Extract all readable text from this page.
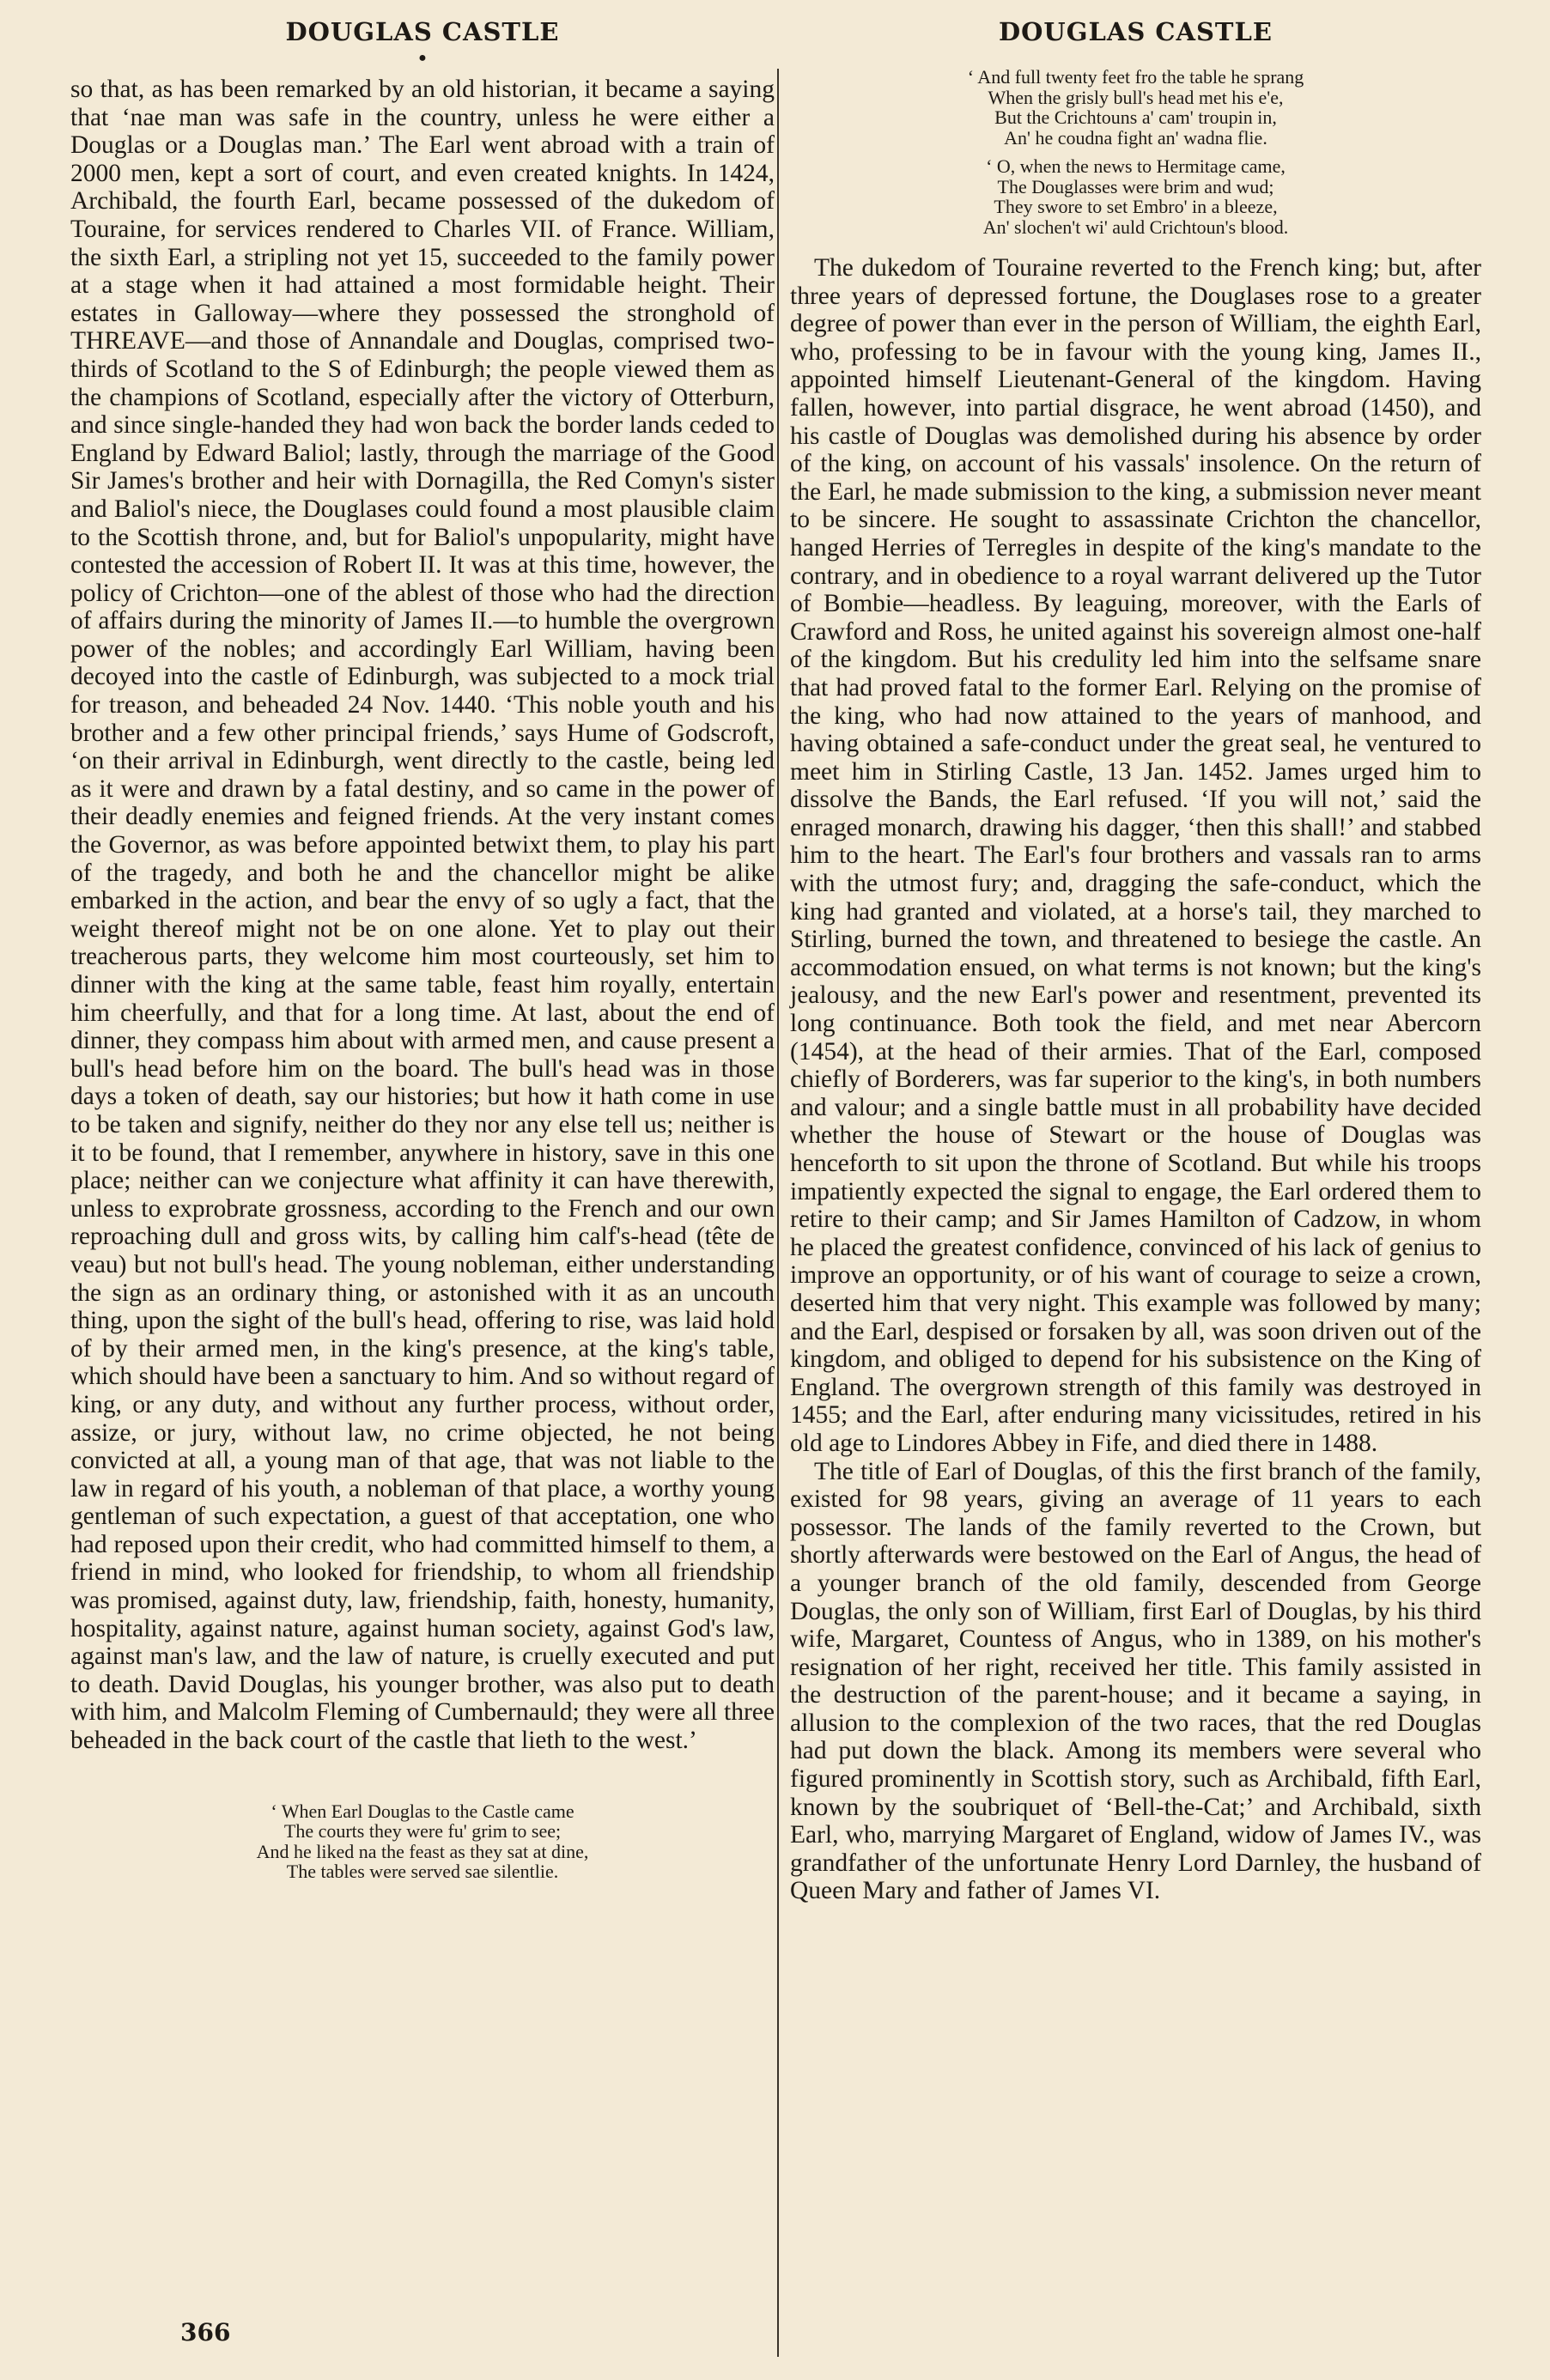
DOUGLAS CASTLE
●
DOUGLAS CASTLE

so that, as has been remarked by an old historian, it became a saying that ‘nae man was safe in the country, unless he were either a Douglas or a Douglas man.’ The Earl went abroad with a train of 2000 men, kept a sort of court, and even created knights. In 1424, Archibald, the fourth Earl, became possessed of the dukedom of Touraine, for services rendered to Charles VII. of France. William, the sixth Earl, a stripling not yet 15, succeeded to the family power at a stage when it had attained a most formidable height. Their estates in Galloway—where they possessed the stronghold of THREAVE—and those of Annandale and Douglas, comprised two-thirds of Scotland to the S of Edinburgh; the people viewed them as the champions of Scotland, especially after the victory of Otterburn, and since single-handed they had won back the border lands ceded to England by Edward Baliol; lastly, through the marriage of the Good Sir James's brother and heir with Dornagilla, the Red Comyn's sister and Baliol's niece, the Douglases could found a most plausible claim to the Scottish throne, and, but for Baliol's unpopularity, might have contested the accession of Robert II. It was at this time, however, the policy of Crichton—one of the ablest of those who had the direction of affairs during the minority of James II.—to humble the overgrown power of the nobles; and accordingly Earl William, having been decoyed into the castle of Edinburgh, was subjected to a mock trial for treason, and beheaded 24 Nov. 1440. ‘This noble youth and his brother and a few other principal friends,’ says Hume of Godscroft, ‘on their arrival in Edinburgh, went directly to the castle, being led as it were and drawn by a fatal destiny, and so came in the power of their deadly enemies and feigned friends. At the very instant comes the Governor, as was before appointed betwixt them, to play his part of the tragedy, and both he and the chancellor might be alike embarked in the action, and bear the envy of so ugly a fact, that the weight thereof might not be on one alone. Yet to play out their treacherous parts, they welcome him most courteously, set him to dinner with the king at the same table, feast him royally, entertain him cheerfully, and that for a long time. At last, about the end of dinner, they compass him about with armed men, and cause present a bull's head before him on the board. The bull's head was in those days a token of death, say our histories; but how it hath come in use to be taken and signify, neither do they nor any else tell us; neither is it to be found, that I remember, anywhere in history, save in this one place; neither can we conjecture what affinity it can have therewith, unless to exprobrate grossness, according to the French and our own reproaching dull and gross wits, by calling him calf's-head (tête de veau) but not bull's head. The young nobleman, either understanding the sign as an ordinary thing, or astonished with it as an uncouth thing, upon the sight of the bull's head, offering to rise, was laid hold of by their armed men, in the king's presence, at the king's table, which should have been a sanctuary to him. And so without regard of king, or any duty, and without any further process, without order, assize, or jury, without law, no crime objected, he not being convicted at all, a young man of that age, that was not liable to the law in regard of his youth, a nobleman of that place, a worthy young gentleman of such expectation, a guest of that acceptation, one who had reposed upon their credit, who had committed himself to them, a friend in mind, who looked for friendship, to whom all friendship was promised, against duty, law, friendship, faith, honesty, humanity, hospitality, against nature, against human society, against God's law, against man's law, and the law of nature, is cruelly executed and put to death. David Douglas, his younger brother, was also put to death with him, and Malcolm Fleming of Cumbernauld; they were all three beheaded in the back court of the castle that lieth to the west.’

‘ When Earl Douglas to the Castle came
The courts they were fu' grim to see;
And he liked na the feast as they sat at dine,
The tables were served sae silentlie.
366
‘ And full twenty feet fro the table he sprang
When the grisly bull's head met his e'e,
But the Crichtouns a' cam' troupin in,
An' he coudna fight an' wadna flie.
‘ O, when the news to Hermitage came,
The Douglasses were brim and wud;
They swore to set Embro' in a bleeze,
An' slochen't wi' auld Crichtoun's blood.

The dukedom of Touraine reverted to the French king; but, after three years of depressed fortune, the Douglases rose to a greater degree of power than ever in the person of William, the eighth Earl, who, professing to be in favour with the young king, James II., appointed himself Lieutenant-General of the kingdom. Having fallen, however, into partial disgrace, he went abroad (1450), and his castle of Douglas was demolished during his absence by order of the king, on account of his vassals' insolence. On the return of the Earl, he made submission to the king, a submission never meant to be sincere. He sought to assassinate Crichton the chancellor, hanged Herries of Terregles in despite of the king's mandate to the contrary, and in obedience to a royal warrant delivered up the Tutor of Bombie—headless. By leaguing, moreover, with the Earls of Crawford and Ross, he united against his sovereign almost one-half of the kingdom. But his credulity led him into the selfsame snare that had proved fatal to the former Earl. Relying on the promise of the king, who had now attained to the years of manhood, and having obtained a safe-conduct under the great seal, he ventured to meet him in Stirling Castle, 13 Jan. 1452. James urged him to dissolve the Bands, the Earl refused. ‘If you will not,’ said the enraged monarch, drawing his dagger, ‘then this shall!’ and stabbed him to the heart. The Earl's four brothers and vassals ran to arms with the utmost fury; and, dragging the safe-conduct, which the king had granted and violated, at a horse's tail, they marched to Stirling, burned the town, and threatened to besiege the castle. An accommodation ensued, on what terms is not known; but the king's jealousy, and the new Earl's power and resentment, prevented its long continuance. Both took the field, and met near Abercorn (1454), at the head of their armies. That of the Earl, composed chiefly of Borderers, was far superior to the king's, in both numbers and valour; and a single battle must in all probability have decided whether the house of Stewart or the house of Douglas was henceforth to sit upon the throne of Scotland. But while his troops impatiently expected the signal to engage, the Earl ordered them to retire to their camp; and Sir James Hamilton of Cadzow, in whom he placed the greatest confidence, convinced of his lack of genius to improve an opportunity, or of his want of courage to seize a crown, deserted him that very night. This example was followed by many; and the Earl, despised or forsaken by all, was soon driven out of the kingdom, and obliged to depend for his subsistence on the King of England. The overgrown strength of this family was destroyed in 1455; and the Earl, after enduring many vicissitudes, retired in his old age to Lindores Abbey in Fife, and died there in 1488.

The title of Earl of Douglas, of this the first branch of the family, existed for 98 years, giving an average of 11 years to each possessor. The lands of the family reverted to the Crown, but shortly afterwards were bestowed on the Earl of Angus, the head of a younger branch of the old family, descended from George Douglas, the only son of William, first Earl of Douglas, by his third wife, Margaret, Countess of Angus, who in 1389, on his mother's resignation of her right, received her title. This family assisted in the destruction of the parent-house; and it became a saying, in allusion to the complexion of the two races, that the red Douglas had put down the black. Among its members were several who figured prominently in Scottish story, such as Archibald, fifth Earl, known by the soubriquet of ‘Bell-the-Cat;’ and Archibald, sixth Earl, who, marrying Margaret of England, widow of James IV., was grandfather of the unfortunate Henry Lord Darnley, the husband of Queen Mary and father of James VI.
